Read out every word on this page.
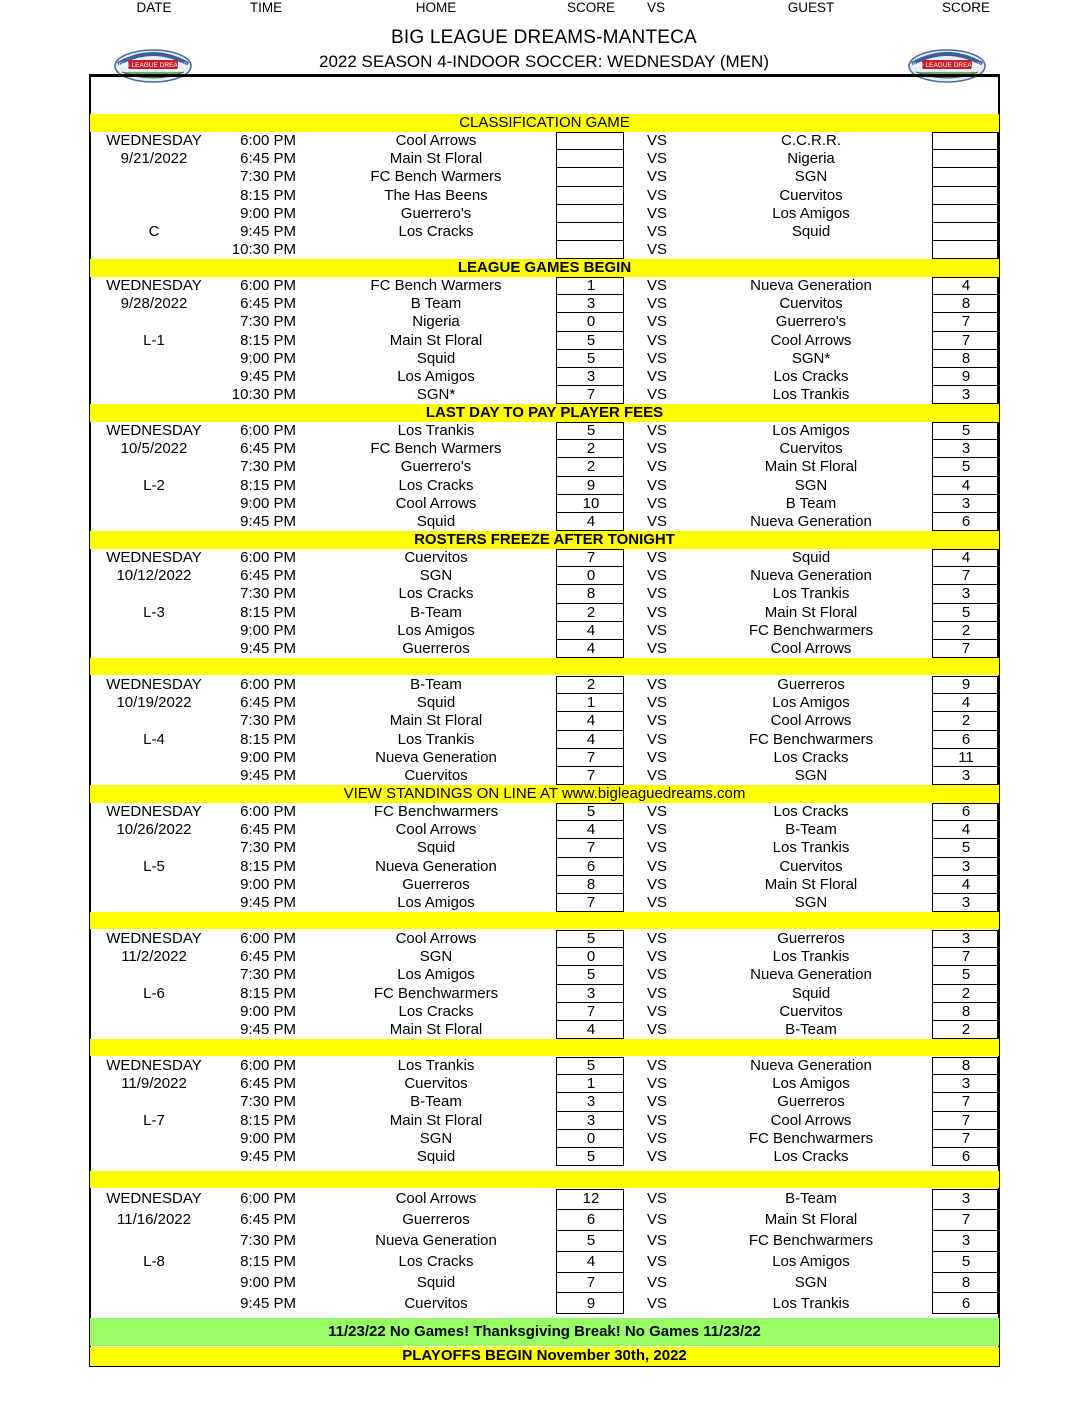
BIG LEAGUE DREAMS	BIG LEAGUE DREAMS
BIG LEAGUE DREAMS-MANTECA
2022 SEASON 4-INDOOR SOCCER: WEDNESDAY (MEN)
DATE	TIME	HOME	SCORE	VS	GUEST	SCORE
CLASSIFICATION GAME
WEDNESDAY	6:00 PM	Cool Arrows	VS	C.C.R.R.
9/21/2022	6:45 PM	Main St Floral	VS	Nigeria
7:30 PM	FC Bench Warmers	VS	SGN
8:15 PM	The Has Beens	VS	Cuervitos
9:00 PM	Guerrero's	VS	Los Amigos
C	9:45 PM	Los Cracks	VS	Squid
10:30 PM	VS
LEAGUE GAMES BEGIN
WEDNESDAY	6:00 PM	FC Bench Warmers	1	VS	Nueva Generation	4
9/28/2022	6:45 PM	B Team	3	VS	Cuervitos	8
7:30 PM	Nigeria	0	VS	Guerrero's	7
L-1	8:15 PM	Main St Floral	5	VS	Cool Arrows	7
9:00 PM	Squid	5	VS	SGN*	8
9:45 PM	Los Amigos	3	VS	Los Cracks	9
10:30 PM	SGN*	7	VS	Los Trankis	3
LAST DAY TO PAY PLAYER FEES
WEDNESDAY	6:00 PM	Los Trankis	5	VS	Los Amigos	5
10/5/2022	6:45 PM	FC Bench Warmers	2	VS	Cuervitos	3
7:30 PM	Guerrero's	2	VS	Main St Floral	5
L-2	8:15 PM	Los Cracks	9	VS	SGN	4
9:00 PM	Cool Arrows	10	VS	B Team	3
9:45 PM	Squid	4	VS	Nueva Generation	6
ROSTERS FREEZE AFTER TONIGHT
WEDNESDAY	6:00 PM	Cuervitos	7	VS	Squid	4
10/12/2022	6:45 PM	SGN	0	VS	Nueva Generation	7
7:30 PM	Los Cracks	8	VS	Los Trankis	3
L-3	8:15 PM	B-Team	2	VS	Main St Floral	5
9:00 PM	Los Amigos	4	VS	FC Benchwarmers	2
9:45 PM	Guerreros	4	VS	Cool Arrows	7
WEDNESDAY	6:00 PM	B-Team	2	VS	Guerreros	9
10/19/2022	6:45 PM	Squid	1	VS	Los Amigos	4
7:30 PM	Main St Floral	4	VS	Cool Arrows	2
L-4	8:15 PM	Los Trankis	4	VS	FC Benchwarmers	6
9:00 PM	Nueva Generation	7	VS	Los Cracks	11
9:45 PM	Cuervitos	7	VS	SGN	3
VIEW STANDINGS ON LINE AT www.bigleaguedreams.com
WEDNESDAY	6:00 PM	FC Benchwarmers	5	VS	Los Cracks	6
10/26/2022	6:45 PM	Cool Arrows	4	VS	B-Team	4
7:30 PM	Squid	7	VS	Los Trankis	5
L-5	8:15 PM	Nueva Generation	6	VS	Cuervitos	3
9:00 PM	Guerreros	8	VS	Main St Floral	4
9:45 PM	Los Amigos	7	VS	SGN	3
WEDNESDAY	6:00 PM	Cool Arrows	5	VS	Guerreros	3
11/2/2022	6:45 PM	SGN	0	VS	Los Trankis	7
7:30 PM	Los Amigos	5	VS	Nueva Generation	5
L-6	8:15 PM	FC Benchwarmers	3	VS	Squid	2
9:00 PM	Los Cracks	7	VS	Cuervitos	8
9:45 PM	Main St Floral	4	VS	B-Team	2
WEDNESDAY	6:00 PM	Los Trankis	5	VS	Nueva Generation	8
11/9/2022	6:45 PM	Cuervitos	1	VS	Los Amigos	3
7:30 PM	B-Team	3	VS	Guerreros	7
L-7	8:15 PM	Main St Floral	3	VS	Cool Arrows	7
9:00 PM	SGN	0	VS	FC Benchwarmers	7
9:45 PM	Squid	5	VS	Los Cracks	6
WEDNESDAY	6:00 PM	Cool Arrows	12	VS	B-Team	3
11/16/2022	6:45 PM	Guerreros	6	VS	Main St Floral	7
7:30 PM	Nueva Generation	5	VS	FC Benchwarmers	3
L-8	8:15 PM	Los Cracks	4	VS	Los Amigos	5
9:00 PM	Squid	7	VS	SGN	8
9:45 PM	Cuervitos	9	VS	Los Trankis	6
11/23/22 No Games! Thanksgiving Break! No Games 11/23/22
PLAYOFFS BEGIN November 30th, 2022
